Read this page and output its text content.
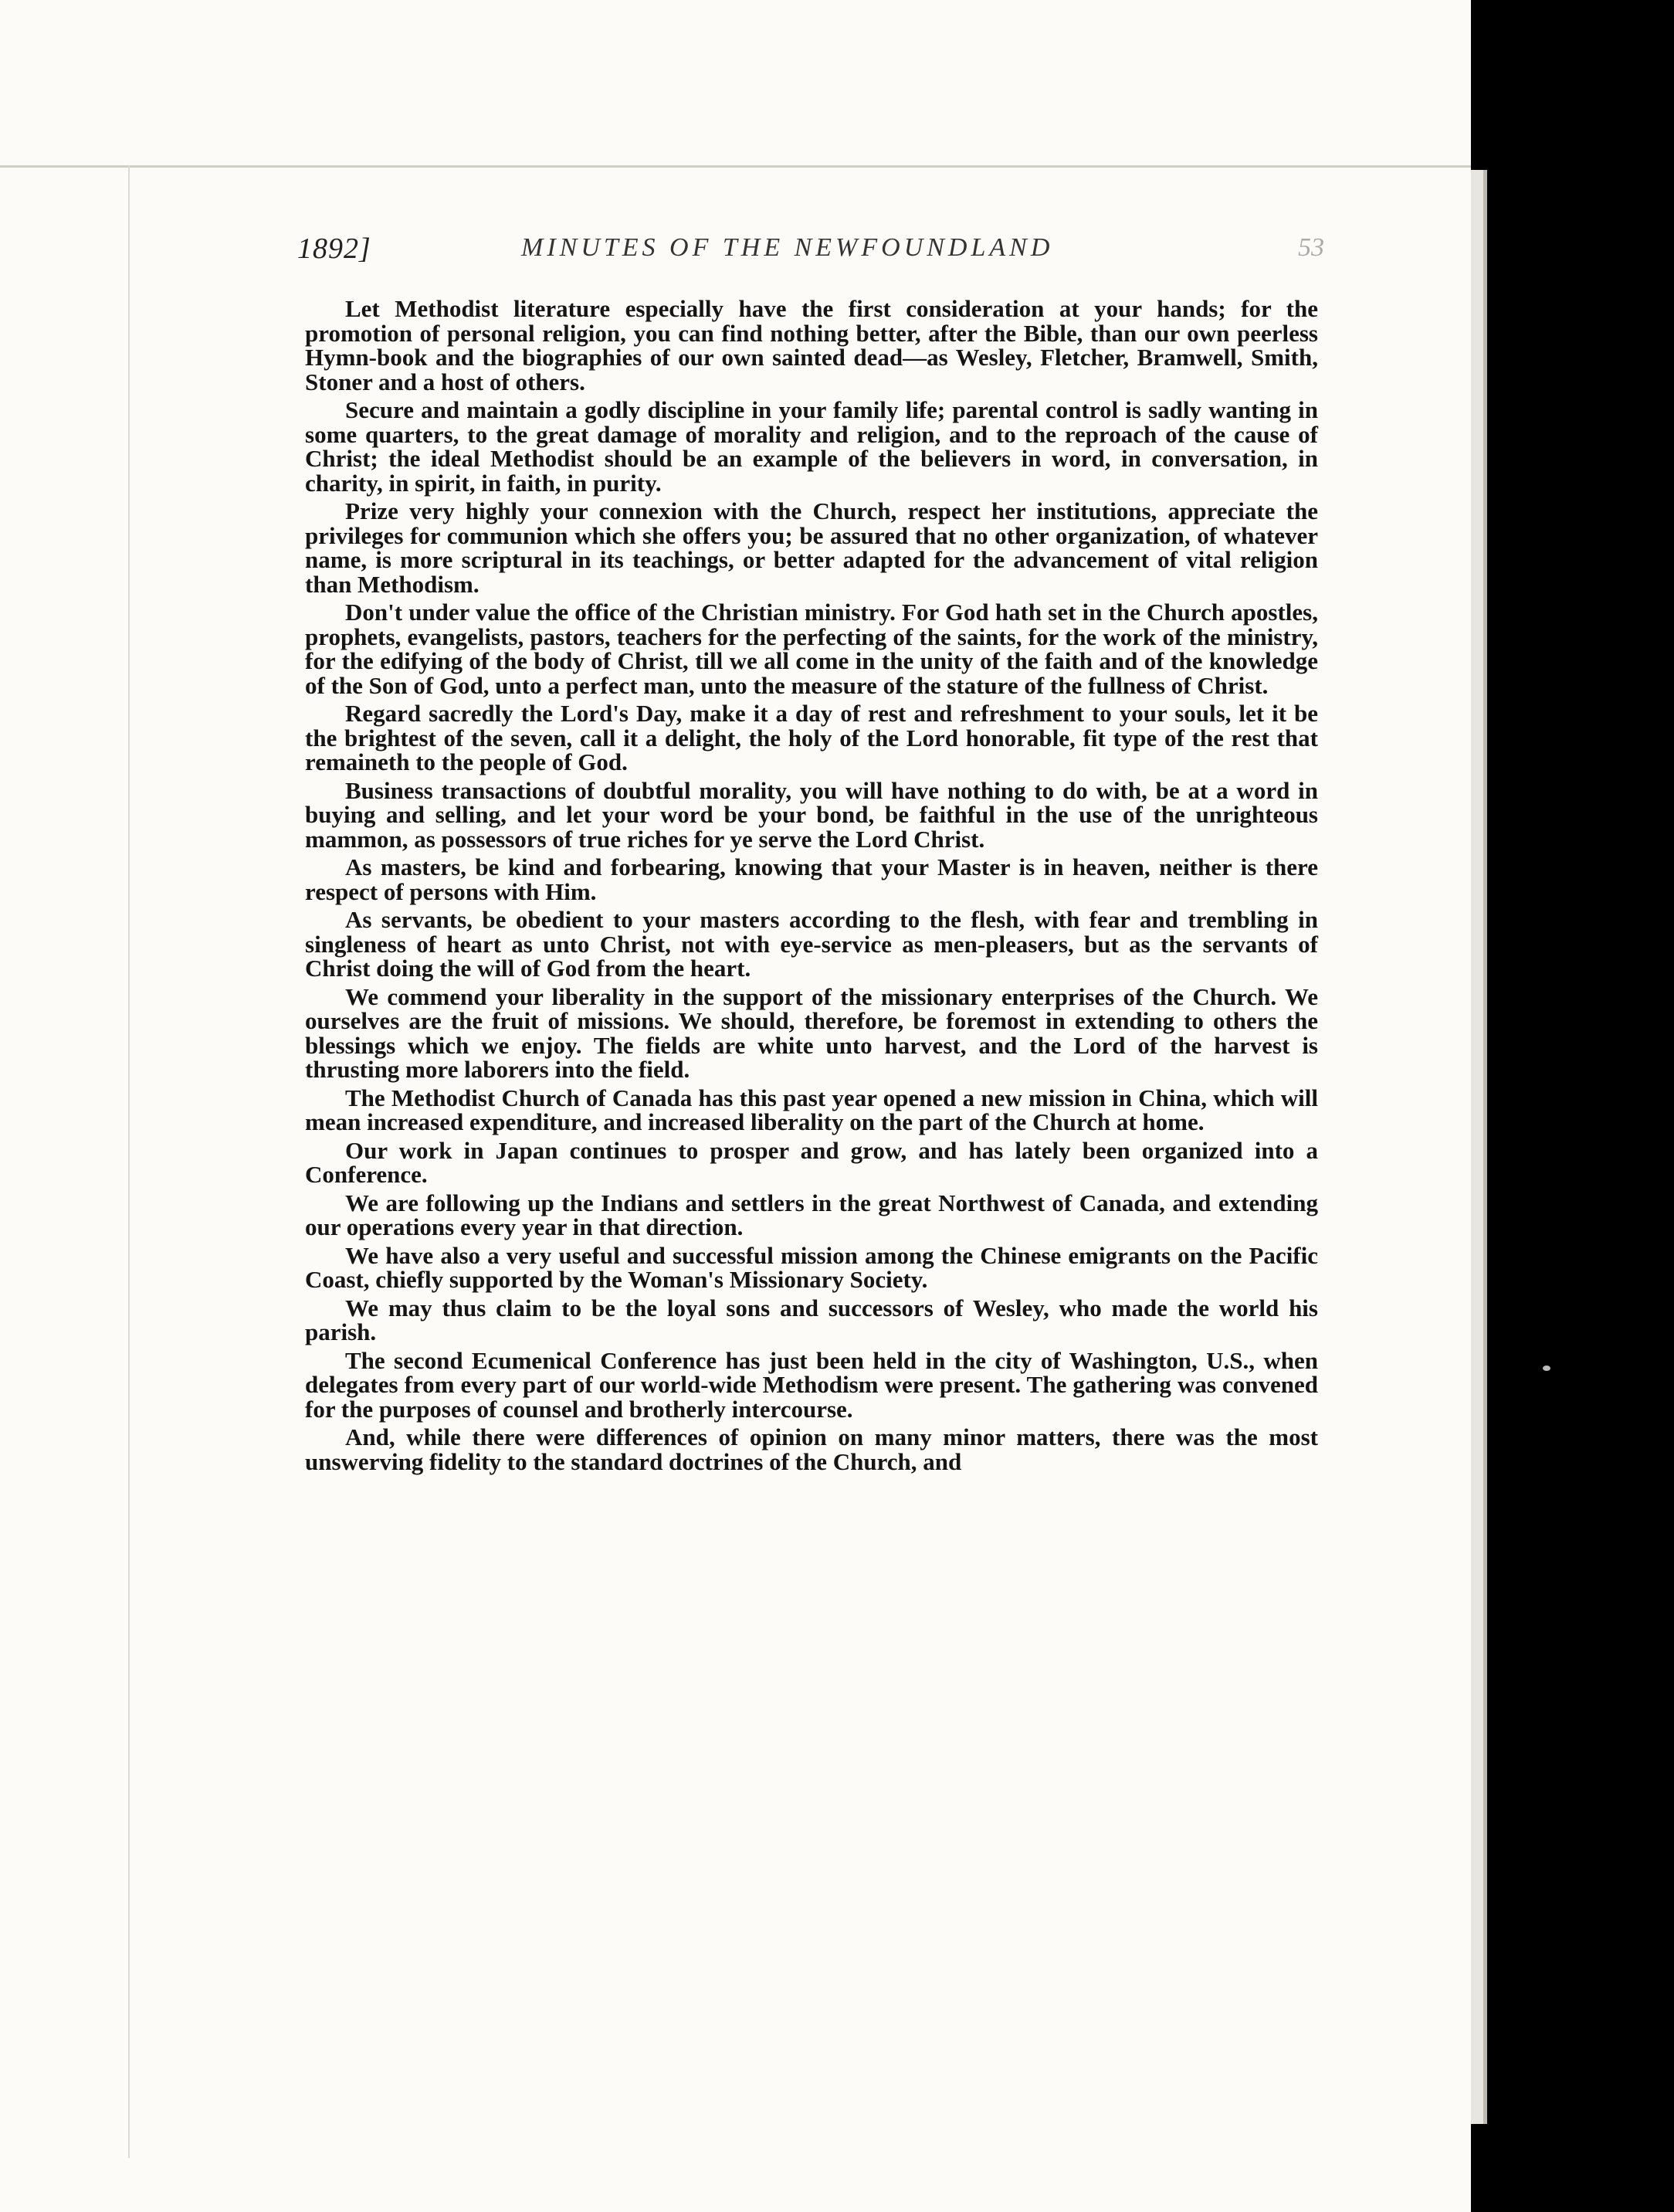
1892]	MINUTES OF THE NEWFOUNDLAND	53

Let Methodist literature especially have the first consideration at your hands; for the promotion of personal religion, you can find nothing better, after the Bible, than our own peerless Hymn-book and the biographies of our own sainted dead—as Wesley, Fletcher, Bramwell, Smith, Stoner and a host of others.

Secure and maintain a godly discipline in your family life; parental control is sadly wanting in some quarters, to the great damage of morality and religion, and to the reproach of the cause of Christ; the ideal Methodist should be an example of the believers in word, in conversation, in charity, in spirit, in faith, in purity.

Prize very highly your connexion with the Church, respect her institutions, appreciate the privileges for communion which she offers you; be assured that no other organization, of whatever name, is more scriptural in its teachings, or better adapted for the advancement of vital religion than Methodism.

Don't under value the office of the Christian ministry. For God hath set in the Church apostles, prophets, evangelists, pastors, teachers for the perfecting of the saints, for the work of the ministry, for the edifying of the body of Christ, till we all come in the unity of the faith and of the knowledge of the Son of God, unto a perfect man, unto the measure of the stature of the fullness of Christ.

Regard sacredly the Lord's Day, make it a day of rest and refreshment to your souls, let it be the brightest of the seven, call it a delight, the holy of the Lord honorable, fit type of the rest that remaineth to the people of God.

Business transactions of doubtful morality, you will have nothing to do with, be at a word in buying and selling, and let your word be your bond, be faithful in the use of the unrighteous mammon, as possessors of true riches for ye serve the Lord Christ.

As masters, be kind and forbearing, knowing that your Master is in heaven, neither is there respect of persons with Him.

As servants, be obedient to your masters according to the flesh, with fear and trembling in singleness of heart as unto Christ, not with eye-service as men-pleasers, but as the servants of Christ doing the will of God from the heart.

We commend your liberality in the support of the missionary enterprises of the Church. We ourselves are the fruit of missions. We should, therefore, be foremost in extending to others the blessings which we enjoy. The fields are white unto harvest, and the Lord of the harvest is thrusting more laborers into the field.

The Methodist Church of Canada has this past year opened a new mission in China, which will mean increased expenditure, and increased liberality on the part of the Church at home.

Our work in Japan continues to prosper and grow, and has lately been organized into a Conference.

We are following up the Indians and settlers in the great Northwest of Canada, and extending our operations every year in that direction.

We have also a very useful and successful mission among the Chinese emigrants on the Pacific Coast, chiefly supported by the Woman's Missionary Society.

We may thus claim to be the loyal sons and successors of Wesley, who made the world his parish.

The second Ecumenical Conference has just been held in the city of Washington, U.S., when delegates from every part of our world-wide Methodism were present. The gathering was convened for the purposes of counsel and brotherly intercourse.

And, while there were differences of opinion on many minor matters, there was the most unswerving fidelity to the standard doctrines of the Church, and
